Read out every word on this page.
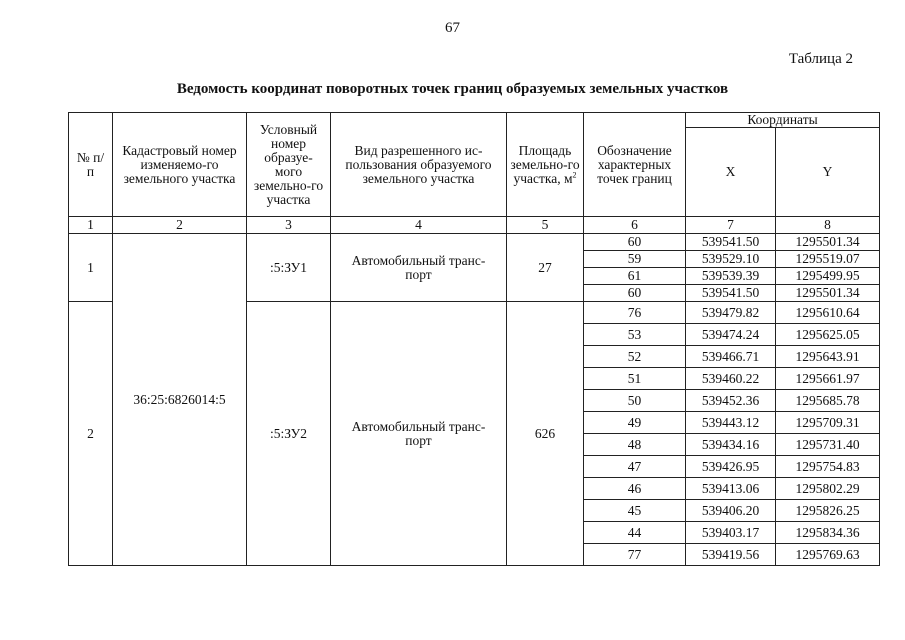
67
Таблица 2
Ведомость координат поворотных точек границ образуемых земельных участков
№ п/п	Кадастровый номер изменяемо-го земельного участка	Условный номер образуе-мого земельно-го участка	Вид разрешенного ис-пользования образуемого земельного участка	Площадь земельно-го участка, $м^2$	Обозначение характерных точек границ	Координаты	
						X	Y
1	2	3	4	5	6	7	8
1	36:25:6826014:5	:5:ЗУ1	Автомобильный транс-порт	27	60	539541.50	1295501.34
					59	539529.10	1295519.07
					61	539539.39	1295499.95
					60	539541.50	1295501.34
2		:5:ЗУ2	Автомобильный транс-порт	626	76	539479.82	1295610.64
					53	539474.24	1295625.05
					52	539466.71	1295643.91
					51	539460.22	1295661.97
					50	539452.36	1295685.78
					49	539443.12	1295709.31
					48	539434.16	1295731.40
					47	539426.95	1295754.83
					46	539413.06	1295802.29
					45	539406.20	1295826.25
					44	539403.17	1295834.36
					77	539419.56	1295769.63
